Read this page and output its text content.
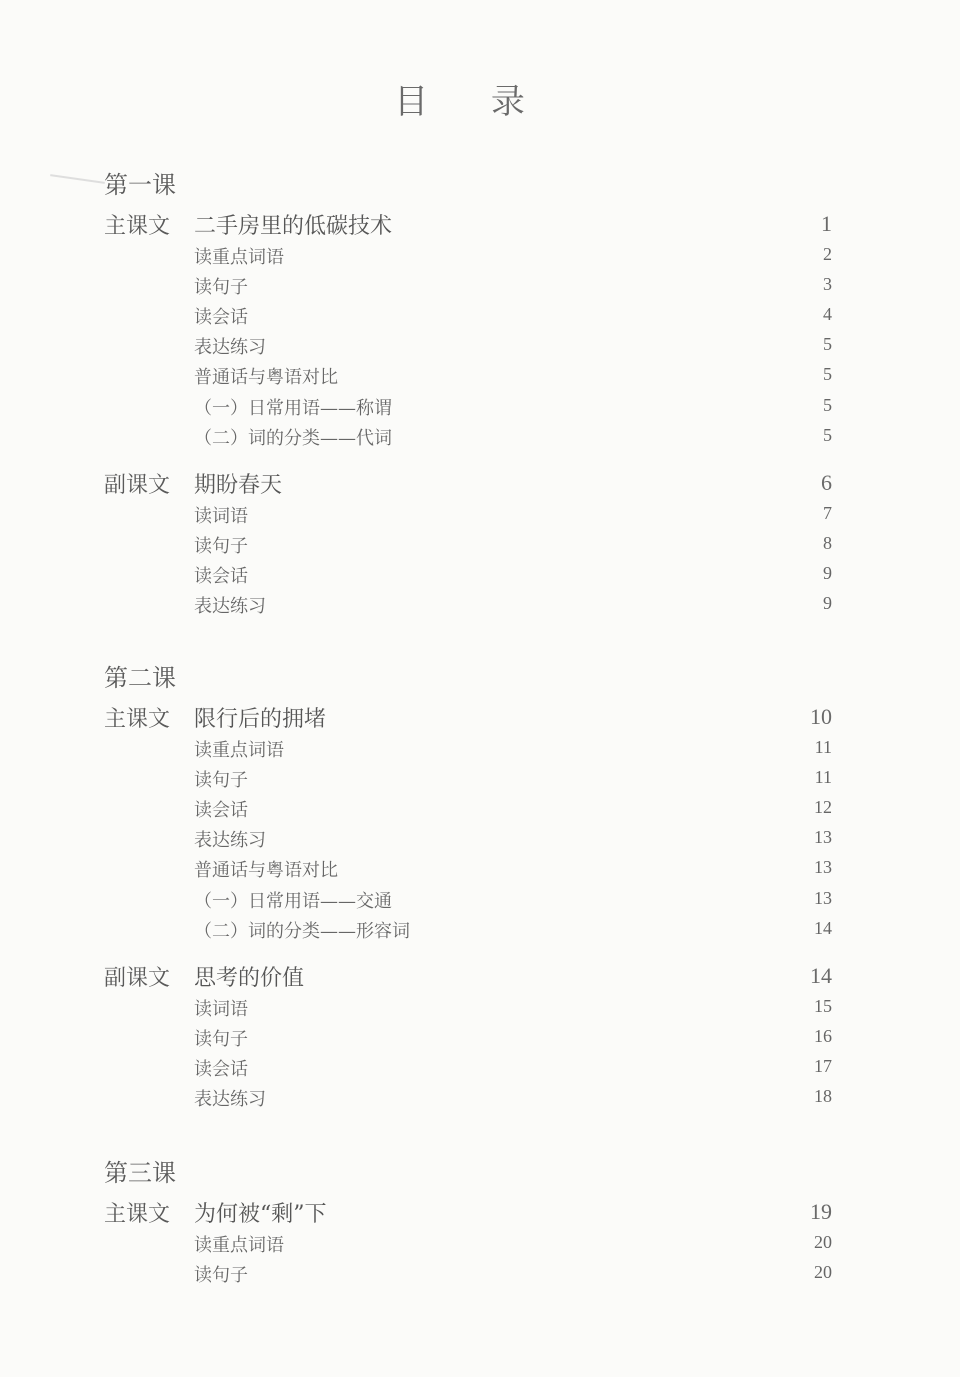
目 录
第一课
主课文 二手房里的低碳技术	1
读重点词语	2
读句子	3
读会话	4
表达练习	5
普通话与粤语对比	5
（一）日常用语——称谓	5
（二）词的分类——代词	5
副课文 期盼春天	6
读词语	7
读句子	8
读会话	9
表达练习	9
第二课
主课文 限行后的拥堵	10
读重点词语	11
读句子	11
读会话	12
表达练习	13
普通话与粤语对比	13
（一）日常用语——交通	13
（二）词的分类——形容词	14
副课文 思考的价值	14
读词语	15
读句子	16
读会话	17
表达练习	18
第三课
主课文 为何被“剩”下	19
读重点词语	20
读句子	20
